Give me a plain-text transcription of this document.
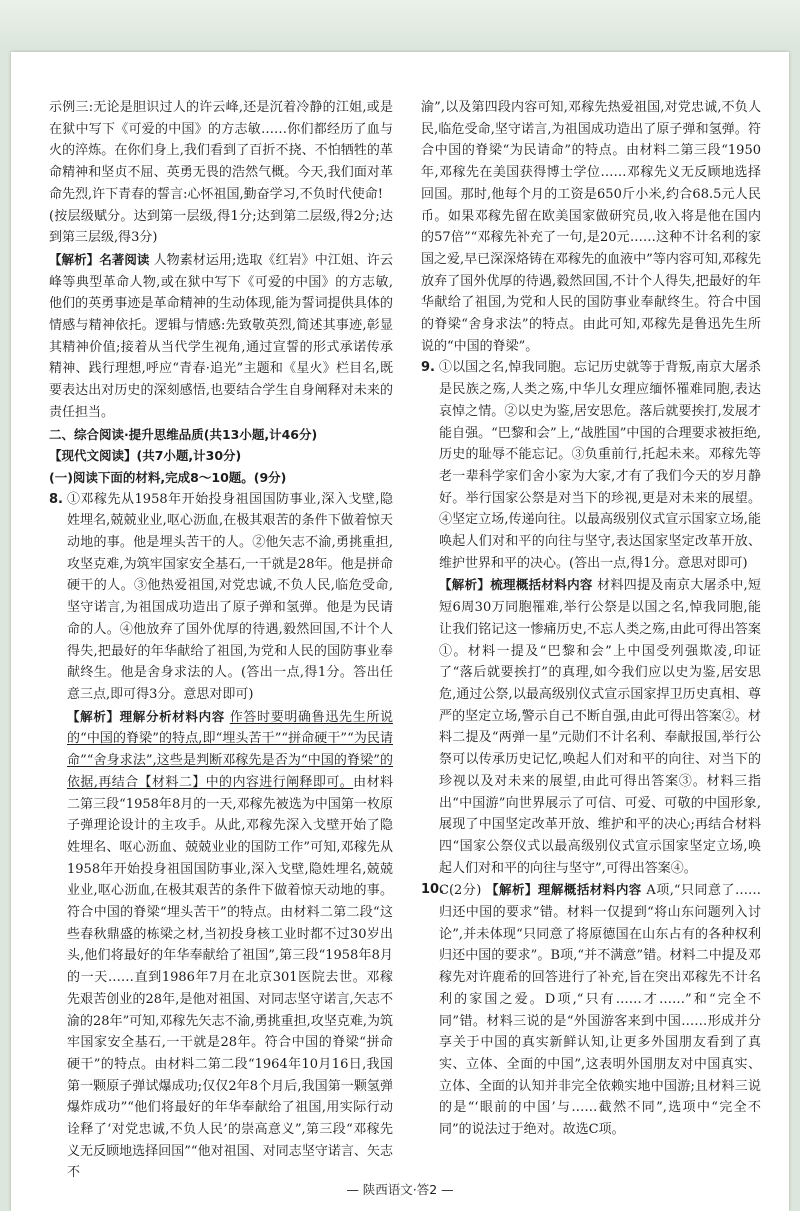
示例三:无论是胆识过人的许云峰,还是沉着冷静的江姐,或是在狱中写下《可爱的中国》的方志敏……你们都经历了血与火的淬炼。在你们身上,我们看到了百折不挠、不怕牺牲的革命精神和坚贞不屈、英勇无畏的浩然气概。今天,我们面对革命先烈,许下青春的誓言:心怀祖国,勤奋学习,不负时代使命!

(按层级赋分。达到第一层级,得1分;达到第二层级,得2分;达到第三层级,得3分)

【解析】名著阅读 人物素材运用;选取《红岩》中江姐、许云峰等典型革命人物,或在狱中写下《可爱的中国》的方志敏,他们的英勇事迹是革命精神的生动体现,能为誓词提供具体的情感与精神依托。逻辑与情感:先致敬英烈,简述其事迹,彰显其精神价值;接着从当代学生视角,通过宣誓的形式承诺传承精神、践行理想,呼应“青春·追光”主题和《星火》栏目名,既要表达出对历史的深刻感悟,也要结合学生自身阐释对未来的责任担当。

二、综合阅读·提升思维品质(共13小题,计46分)

【现代文阅读】(共7小题,计30分)

(一)阅读下面的材料,完成8～10题。(9分)

8. ①邓稼先从1958年开始投身祖国国防事业,深入戈壁,隐姓埋名,兢兢业业,呕心沥血,在极其艰苦的条件下做着惊天动地的事。他是埋头苦干的人。②他矢志不渝,勇挑重担,攻坚克难,为筑牢国家安全基石,一干就是28年。他是拼命硬干的人。③他热爱祖国,对党忠诚,不负人民,临危受命,坚守诺言,为祖国成功造出了原子弹和氢弹。他是为民请命的人。④他放弃了国外优厚的待遇,毅然回国,不计个人得失,把最好的年华献给了祖国,为党和人民的国防事业奉献终生。他是舍身求法的人。(答出一点,得1分。答出任意三点,即可得3分。意思对即可)

【解析】理解分析材料内容 作答时要明确鲁迅先生所说的“中国的脊梁”的特点,即“埋头苦干”“拼命硬干”“为民请命”“舍身求法”,这些是判断邓稼先是否为“中国的脊梁”的依据,再结合【材料二】中的内容进行阐释即可。由材料二第三段“1958年8月的一天,邓稼先被选为中国第一枚原子弹理论设计的主攻手。从此,邓稼先深入戈壁开始了隐姓埋名、呕心沥血、兢兢业业的国防工作”可知,邓稼先从1958年开始投身祖国国防事业,深入戈壁,隐姓埋名,兢兢业业,呕心沥血,在极其艰苦的条件下做着惊天动地的事。符合中国的脊梁“埋头苦干”的特点。由材料二第二段“这些春秋鼎盛的栋梁之材,当初投身核工业时都不过30岁出头,他们将最好的年华奉献给了祖国”,第三段“1958年8月的一天……直到1986年7月在北京301医院去世。邓稼先艰苦创业的28年,是他对祖国、对同志坚守诺言,矢志不渝的28年”可知,邓稼先矢志不渝,勇挑重担,攻坚克难,为筑牢国家安全基石,一干就是28年。符合中国的脊梁“拼命硬干”的特点。由材料二第二段“1964年10月16日,我国第一颗原子弹试爆成功;仅仅2年8个月后,我国第一颗氢弹爆炸成功”“他们将最好的年华奉献给了祖国,用实际行动诠释了‘对党忠诚,不负人民’的崇高意义”,第三段“邓稼先义无反顾地选择回国”“他对祖国、对同志坚守诺言、矢志不

渝”,以及第四段内容可知,邓稼先热爱祖国,对党忠诚,不负人民,临危受命,坚守诺言,为祖国成功造出了原子弹和氢弹。符合中国的脊梁“为民请命”的特点。由材料二第三段“1950年,邓稼先在美国获得博士学位……邓稼先义无反顾地选择回国。那时,他每个月的工资是650斤小米,约合68.5元人民币。如果邓稼先留在欧美国家做研究员,收入将是他在国内的57倍”“邓稼先补充了一句,是20元……这种不计名利的家国之爱,早已深深烙铸在邓稼先的血液中”等内容可知,邓稼先放弃了国外优厚的待遇,毅然回国,不计个人得失,把最好的年华献给了祖国,为党和人民的国防事业奉献终生。符合中国的脊梁“舍身求法”的特点。由此可知,邓稼先是鲁迅先生所说的“中国的脊梁”。

9. ①以国之名,悼我同胞。忘记历史就等于背叛,南京大屠杀是民族之殇,人类之殇,中华儿女理应缅怀罹难同胞,表达哀悼之情。②以史为鉴,居安思危。落后就要挨打,发展才能自强。“巴黎和会”上,“战胜国”中国的合理要求被拒绝,历史的耻辱不能忘记。③负重前行,托起未来。邓稼先等老一辈科学家们舍小家为大家,才有了我们今天的岁月静好。举行国家公祭是对当下的珍视,更是对未来的展望。④坚定立场,传递向往。以最高级别仪式宣示国家立场,能唤起人们对和平的向往与坚守,表达国家坚定改革开放、维护世界和平的决心。(答出一点,得1分。意思对即可)

【解析】梳理概括材料内容 材料四提及南京大屠杀中,短短6周30万同胞罹难,举行公祭是以国之名,悼我同胞,能让我们铭记这一惨痛历史,不忘人类之殇,由此可得出答案①。材料一提及“巴黎和会”上中国受列强欺凌,印证了“落后就要挨打”的真理,如今我们应以史为鉴,居安思危,通过公祭,以最高级别仪式宣示国家捍卫历史真相、尊严的坚定立场,警示自己不断自强,由此可得出答案②。材料二提及“两弹一星”元勋们不计名利、奉献报国,举行公祭可以传承历史记忆,唤起人们对和平的向往、对当下的珍视以及对未来的展望,由此可得出答案③。材料三指出“中国游”向世界展示了可信、可爱、可敬的中国形象,展现了中国坚定改革开放、维护和平的决心;再结合材料四“国家公祭仪式以最高级别仪式宣示国家坚定立场,唤起人们对和平的向往与坚守”,可得出答案④。

10.

C(2分) 【解析】理解概括材料内容 A项,“只同意了……归还中国的要求”错。材料一仅提到“将山东问题列入讨论”,并未体现“只同意了将原德国在山东占有的各种权利归还中国的要求”。B项,“并不满意”错。材料二中提及邓稼先对许鹿希的回答进行了补充,旨在突出邓稼先不计名利的家国之爱。D项,“只有……才……”和“完全不同”错。材料三说的是“外国游客来到中国……形成并分享关于中国的真实新鲜认知,让更多外国朋友看到了真实、立体、全面的中国”,这表明外国朋友对中国真实、立体、全面的认知并非完全依赖实地中国游;且材料三说的是“‘眼前的中国’与……截然不同”,选项中“完全不同”的说法过于绝对。故选C项。

— 陕西语文·答2 —
